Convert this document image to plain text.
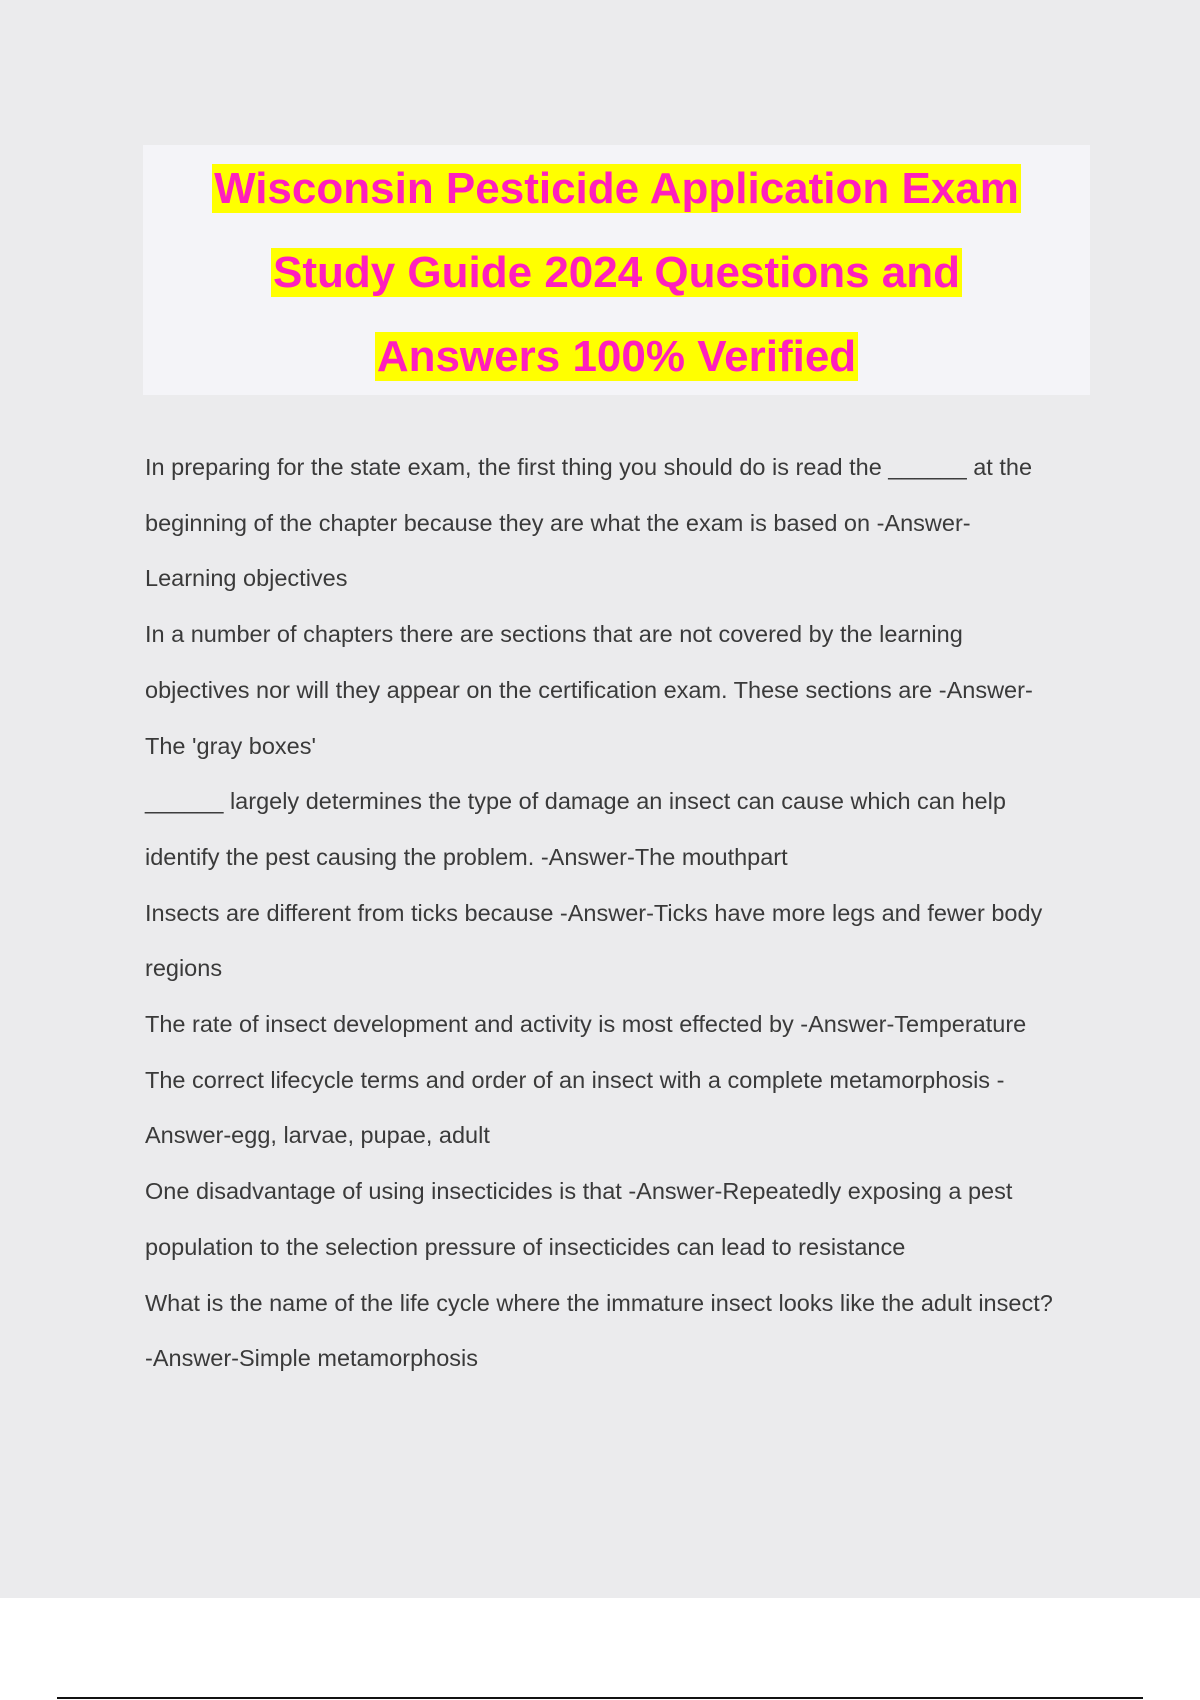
Wisconsin Pesticide Application Exam
Study Guide 2024 Questions and
Answers 100% Verified
In preparing for the state exam, the first thing you should do is read the ______ at the
beginning of the chapter because they are what the exam is based on -Answer-
Learning objectives
In a number of chapters there are sections that are not covered by the learning
objectives nor will they appear on the certification exam. These sections are -Answer-
The 'gray boxes'
______ largely determines the type of damage an insect can cause which can help
identify the pest causing the problem. -Answer-The mouthpart
Insects are different from ticks because -Answer-Ticks have more legs and fewer body
regions
The rate of insect development and activity is most effected by -Answer-Temperature
The correct lifecycle terms and order of an insect with a complete metamorphosis -
Answer-egg, larvae, pupae, adult
One disadvantage of using insecticides is that -Answer-Repeatedly exposing a pest
population to the selection pressure of insecticides can lead to resistance
What is the name of the life cycle where the immature insect looks like the adult insect?
-Answer-Simple metamorphosis
